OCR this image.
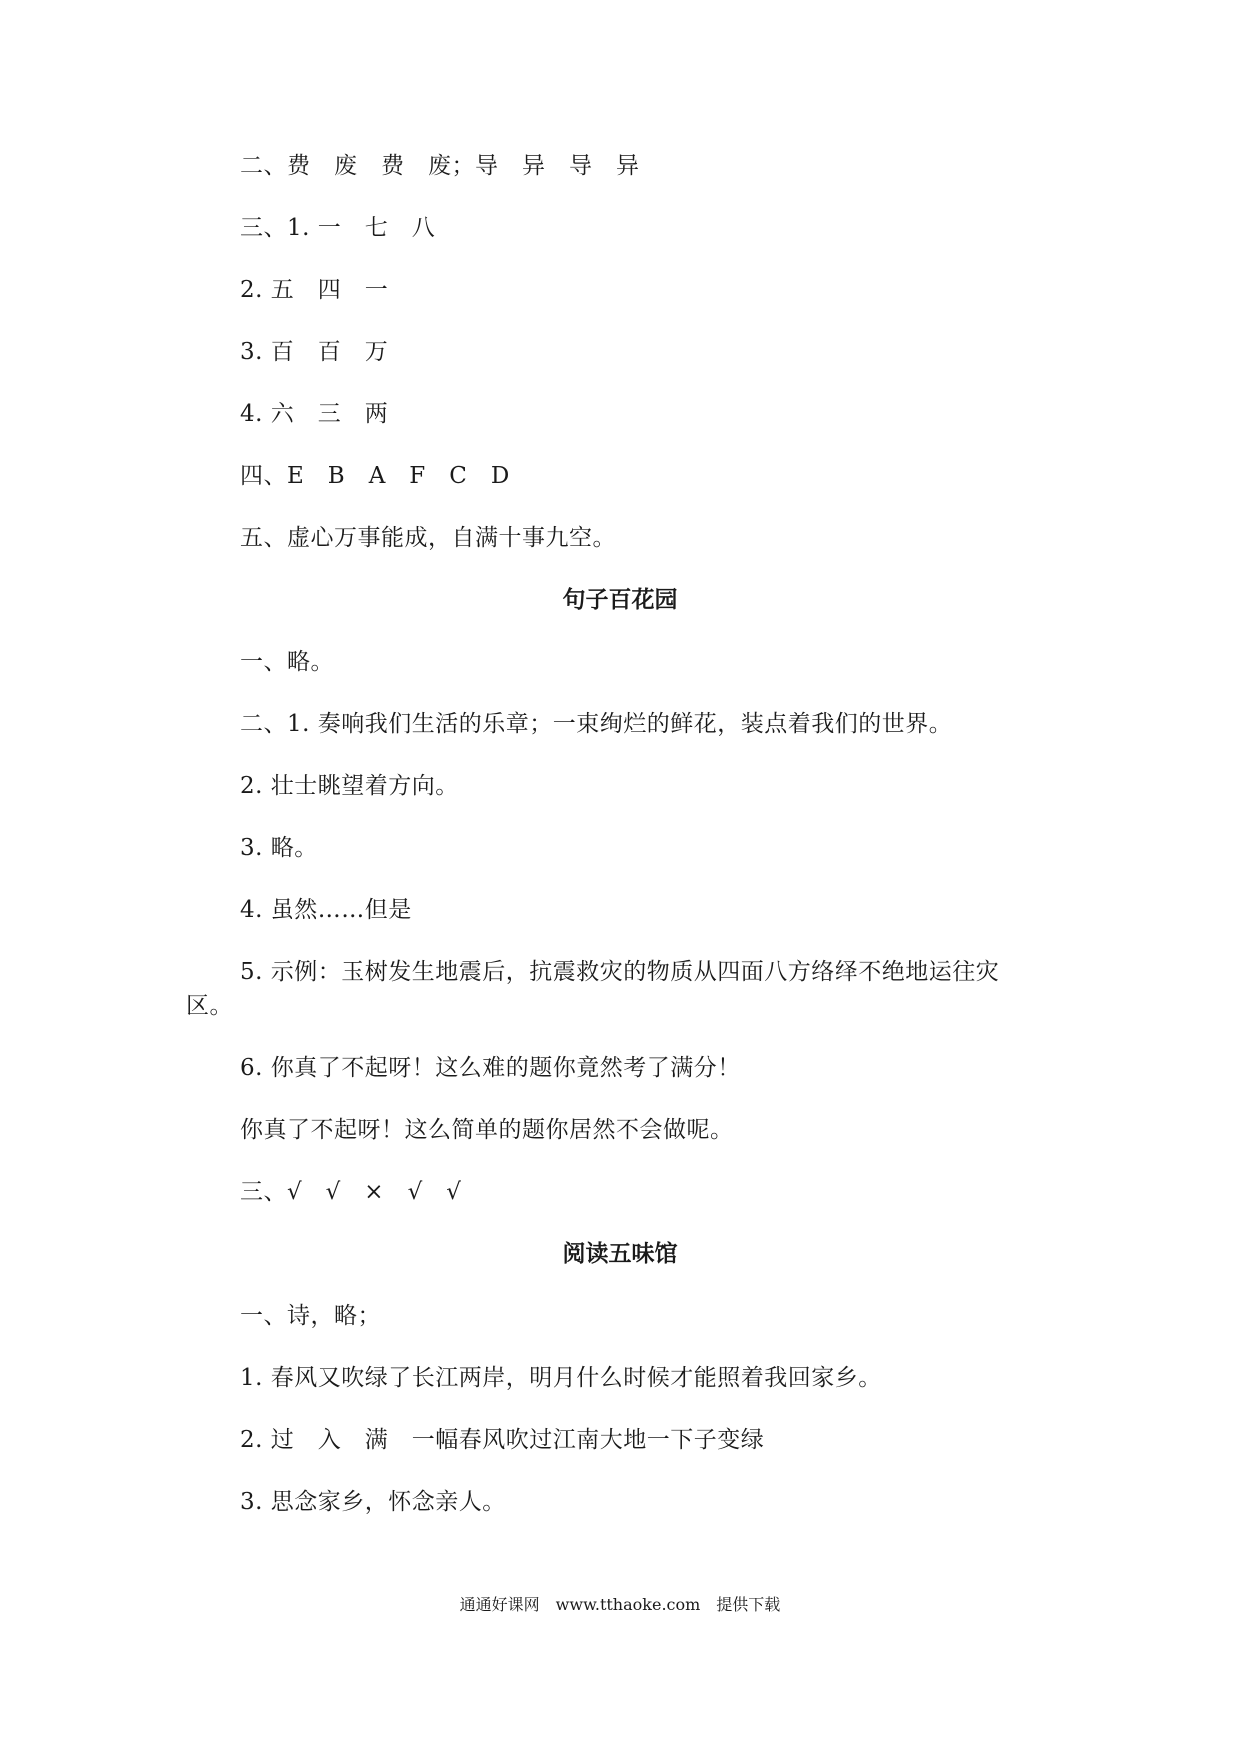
二、费　废　费　废；导　异　导　异
三、1. 一　七　八
2. 五　四　一
3. 百　百　万
4. 六　三　两
四、E　B　A　F　C　D
五、虚心万事能成，自满十事九空。
句子百花园
一、略。
二、1. 奏响我们生活的乐章；一束绚烂的鲜花，装点着我们的世界。
2. 壮士眺望着方向。
3. 略。
4. 虽然……但是
5. 示例：玉树发生地震后，抗震救灾的物质从四面八方络绎不绝地运往灾
区。
6. 你真了不起呀！这么难的题你竟然考了满分！
你真了不起呀！这么简单的题你居然不会做呢。
三、√　√　×　√　√
阅读五味馆
一、诗，略；
1. 春风又吹绿了长江两岸，明月什么时候才能照着我回家乡。
2. 过　入　满　一幅春风吹过江南大地一下子变绿
3. 思念家乡，怀念亲人。
通通好课网　www.tthaoke.com　提供下载
